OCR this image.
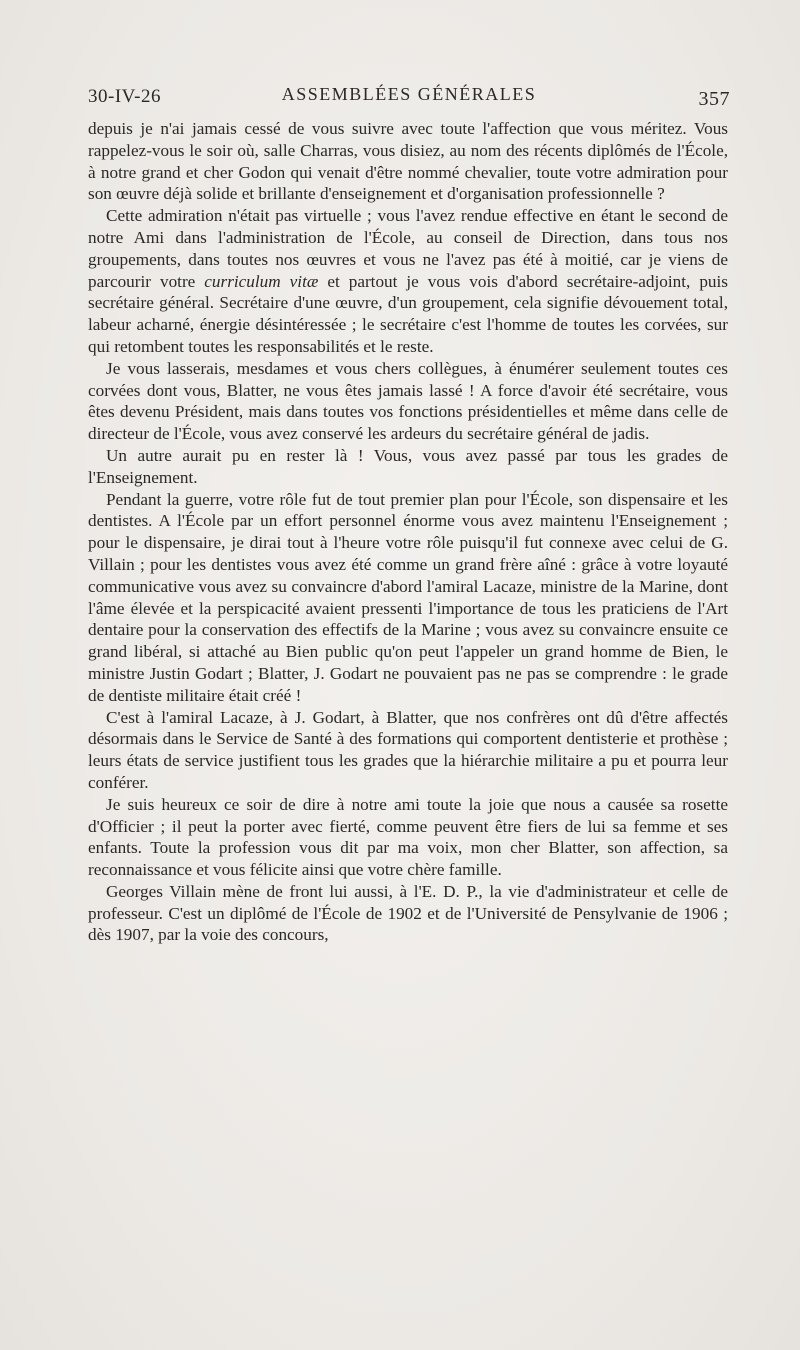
30-IV-26	ASSEMBLÉES GÉNÉRALES	357

depuis je n'ai jamais cessé de vous suivre avec toute l'affection que vous méritez. Vous rappelez-vous le soir où, salle Charras, vous disiez, au nom des récents diplômés de l'École, à notre grand et cher Godon qui venait d'être nommé chevalier, toute votre admiration pour son œuvre déjà solide et brillante d'enseignement et d'organisation professionnelle ?

Cette admiration n'était pas virtuelle ; vous l'avez rendue effective en étant le second de notre Ami dans l'administration de l'École, au conseil de Direction, dans tous nos groupements, dans toutes nos œuvres et vous ne l'avez pas été à moitié, car je viens de parcourir votre curriculum vitæ et partout je vous vois d'abord secrétaire-adjoint, puis secrétaire général. Secrétaire d'une œuvre, d'un groupement, cela signifie dévouement total, labeur acharné, énergie désintéressée ; le secrétaire c'est l'homme de toutes les corvées, sur qui retombent toutes les responsabilités et le reste.

Je vous lasserais, mesdames et vous chers collègues, à énumérer seulement toutes ces corvées dont vous, Blatter, ne vous êtes jamais lassé ! A force d'avoir été secrétaire, vous êtes devenu Président, mais dans toutes vos fonctions présidentielles et même dans celle de directeur de l'École, vous avez conservé les ardeurs du secrétaire général de jadis.

Un autre aurait pu en rester là ! Vous, vous avez passé par tous les grades de l'Enseignement.

Pendant la guerre, votre rôle fut de tout premier plan pour l'École, son dispensaire et les dentistes. A l'École par un effort personnel énorme vous avez maintenu l'Enseignement ; pour le dispensaire, je dirai tout à l'heure votre rôle puisqu'il fut connexe avec celui de G. Villain ; pour les dentistes vous avez été comme un grand frère aîné : grâce à votre loyauté communicative vous avez su convaincre d'abord l'amiral Lacaze, ministre de la Marine, dont l'âme élevée et la perspicacité avaient pressenti l'importance de tous les praticiens de l'Art dentaire pour la conservation des effectifs de la Marine ; vous avez su convaincre ensuite ce grand libéral, si attaché au Bien public qu'on peut l'appeler un grand homme de Bien, le ministre Justin Godart ; Blatter, J. Godart ne pouvaient pas ne pas se comprendre : le grade de dentiste militaire était créé !

C'est à l'amiral Lacaze, à J. Godart, à Blatter, que nos confrères ont dû d'être affectés désormais dans le Service de Santé à des formations qui comportent dentisterie et prothèse ; leurs états de service justifient tous les grades que la hiérarchie militaire a pu et pourra leur conférer.

Je suis heureux ce soir de dire à notre ami toute la joie que nous a causée sa rosette d'Officier ; il peut la porter avec fierté, comme peuvent être fiers de lui sa femme et ses enfants. Toute la profession vous dit par ma voix, mon cher Blatter, son affection, sa reconnaissance et vous félicite ainsi que votre chère famille.

Georges Villain mène de front lui aussi, à l'E. D. P., la vie d'administrateur et celle de professeur. C'est un diplômé de l'École de 1902 et de l'Université de Pensylvanie de 1906 ; dès 1907, par la voie des concours,
